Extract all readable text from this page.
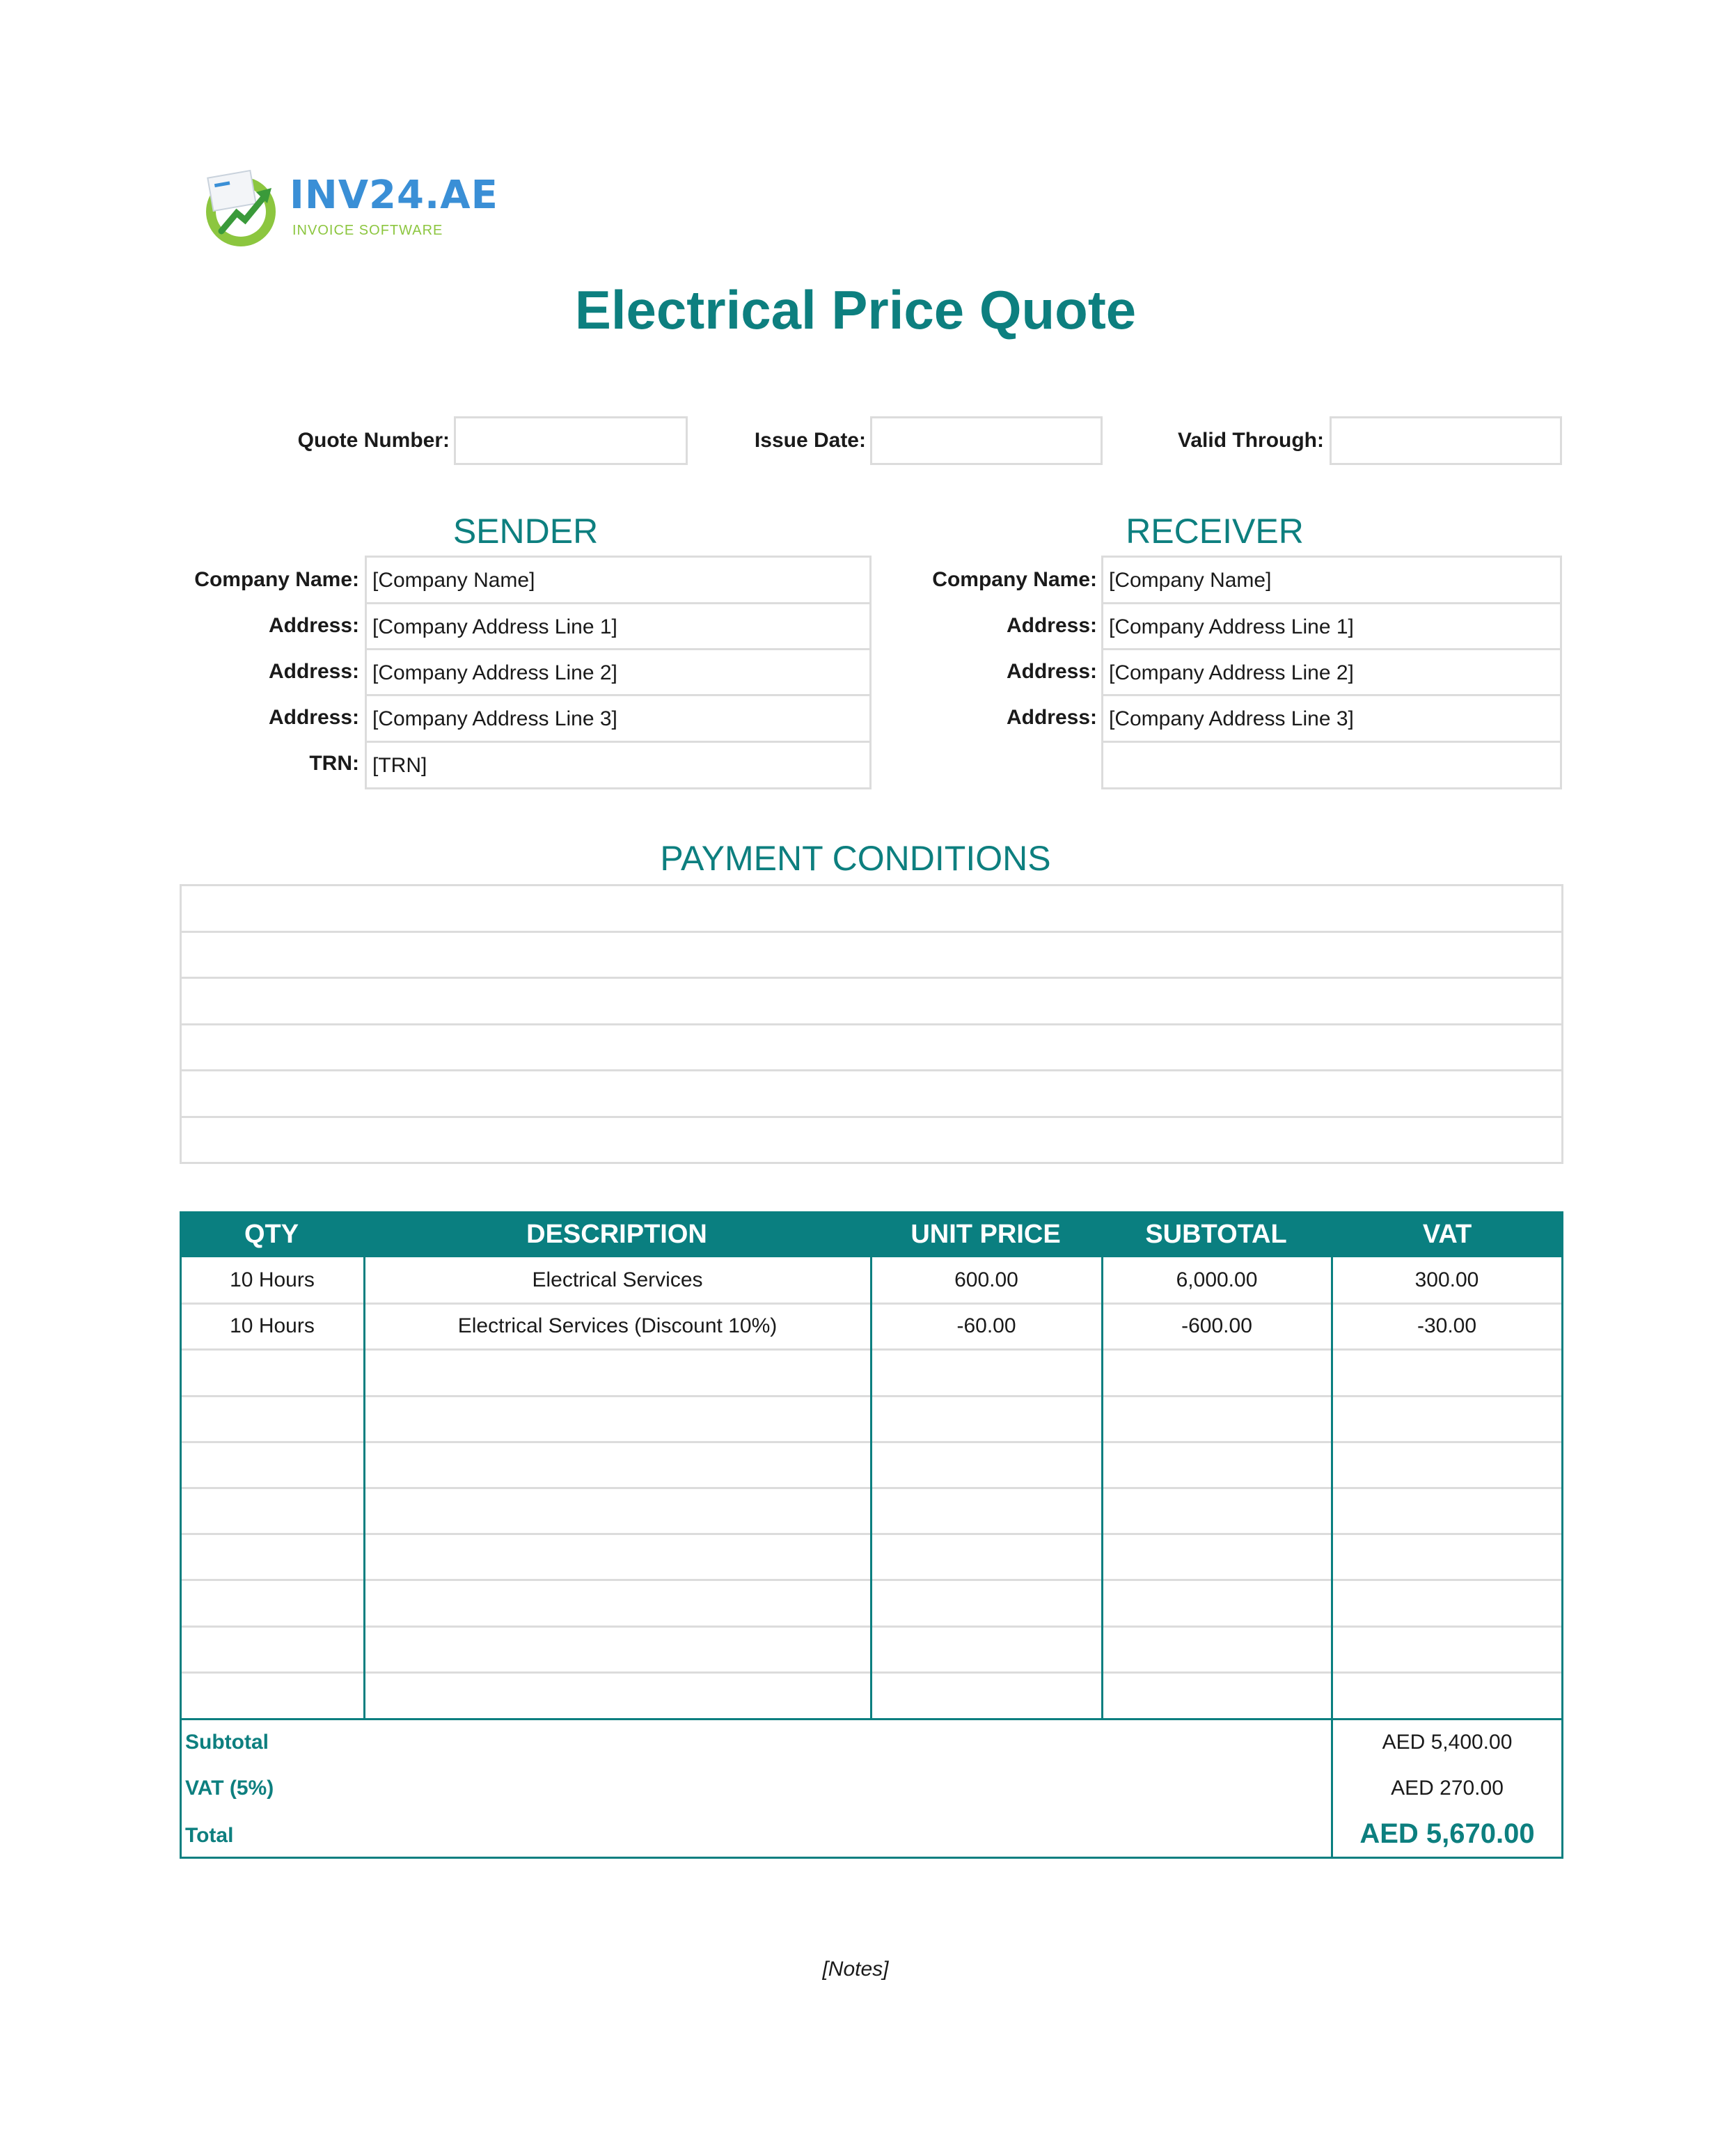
INV24.AE
INVOICE SOFTWARE
Electrical Price Quote
Quote Number:	Issue Date:	Valid Through:
SENDER	RECEIVER
Company Name: [Company Name]
Address: [Company Address Line 1]
Address: [Company Address Line 2]
Address: [Company Address Line 3]
TRN: [TRN]
Company Name: [Company Name]
Address: [Company Address Line 1]
Address: [Company Address Line 2]
Address: [Company Address Line 3]
PAYMENT CONDITIONS
QTY	DESCRIPTION	UNIT PRICE	SUBTOTAL	VAT
10 Hours	Electrical Services	600.00	6,000.00	300.00
10 Hours	Electrical Services (Discount 10%)	-60.00	-600.00	-30.00
Subtotal	AED 5,400.00
VAT (5%)	AED 270.00
Total	AED 5,670.00
[Notes]
